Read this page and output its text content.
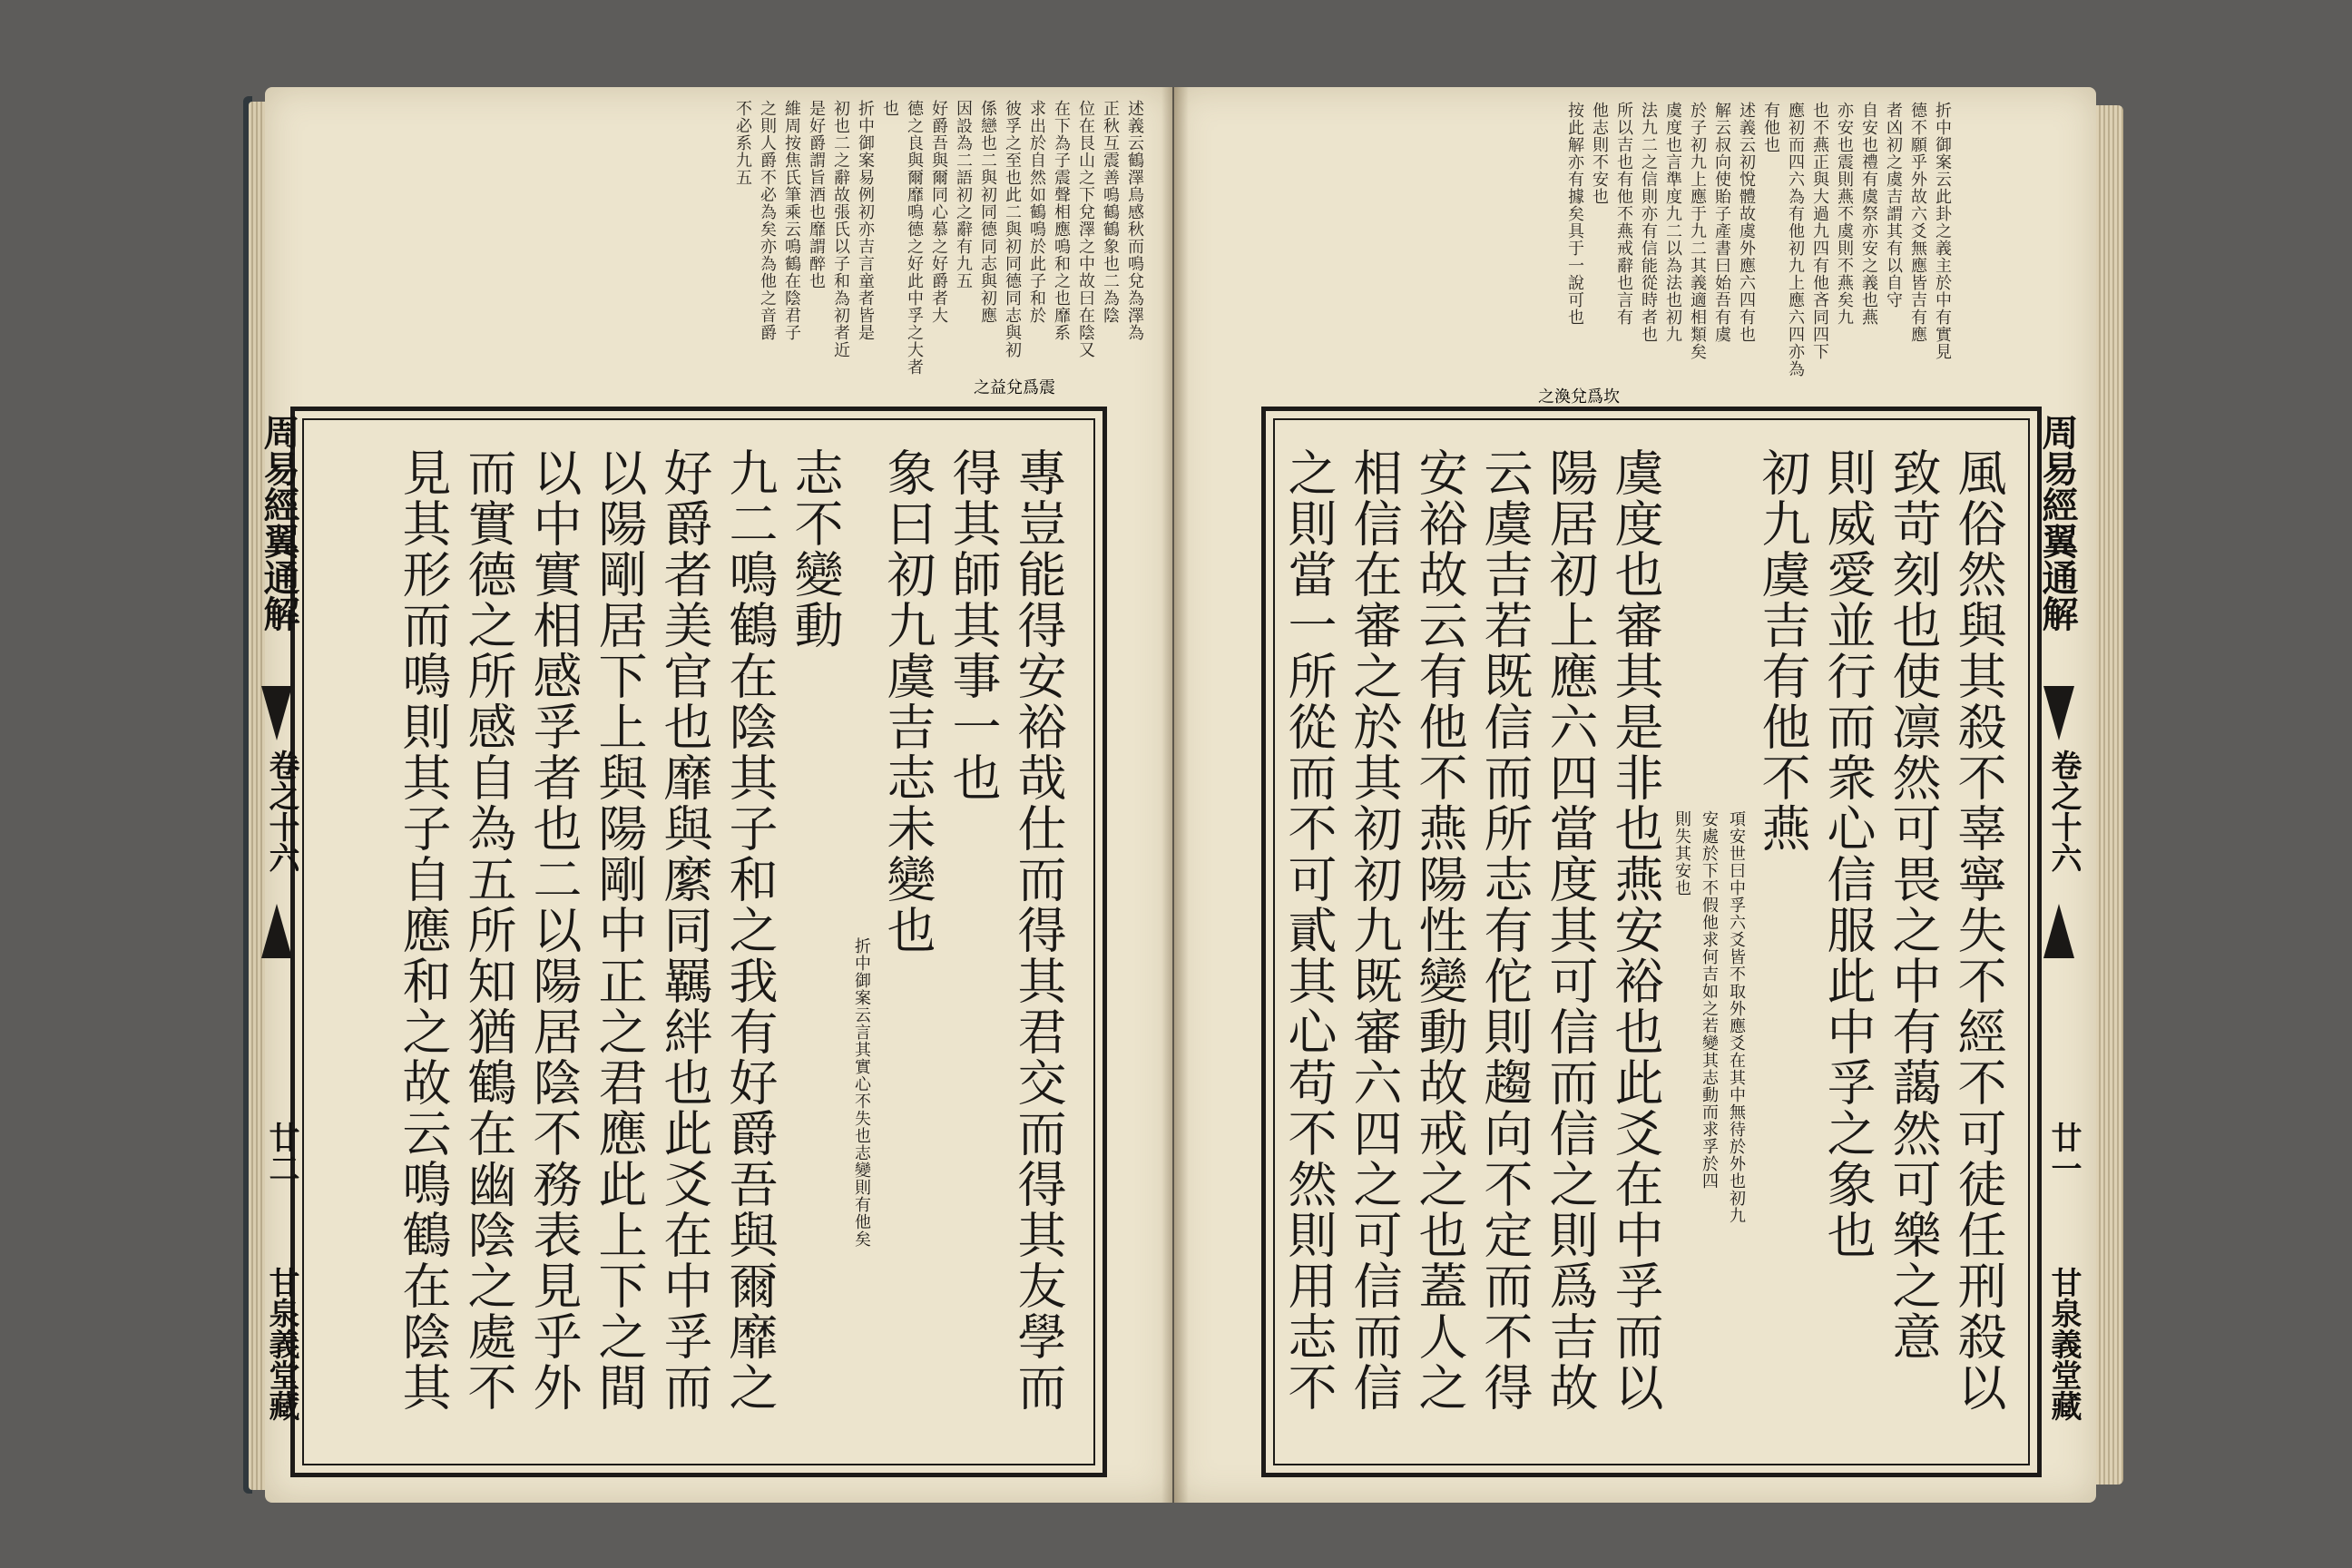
述義云鶴澤鳥感秋而鳴兌為澤為
正秋互震善鳴鶴鶴象也二為陰
位在艮山之下兌澤之中故曰在陰又
在下為子震聲相應鳴和之也靡系
求出於自然如鶴鳴於此子和於
彼孚之至也此二與初同德同志與初
係戀也二與初同德同志與初應
因設為二語初之辭有九五
好爵吾與爾同心慕之好爵者大
德之良與爾靡鳴德之好此中孚之大者
也
折中御案易例初亦吉言童者皆是
初也二之辭故張氏以子和為初者近
是好爵謂旨酒也靡謂醉也
維周按焦氏筆乘云鳴鶴在陰君子
之則人爵不必為矣亦為他之音爵
不必系九五
專豈能得安裕哉仕而得其君交而得其友學而
得其師其事一也
象曰初九虞吉志未變也
折中御案云言其實心不失也志變則有他矣
志不變動
九二鳴鶴在陰其子和之我有好爵吾與爾靡之
好爵者美官也靡與縻同羈絆也此爻在中孚而
以陽剛居下上與陽剛中正之君應此上下之間
以中實相感孚者也二以陽居陰不務表見乎外
而實德之所感自為五所知猶鶴在幽陰之處不
見其形而鳴則其子自應和之故云鳴鶴在陰其
之益兌爲震
周易經翼通解
卷之十六
廿二
甘泉義堂藏
折中御案云此卦之義主於中有實見
德不願乎外故六爻無應皆吉有應
者凶初之虞吉謂其有以自守
自安也禮有虞祭亦安之義也燕
亦安也震則燕不虞則不燕矣九
也不燕正與大過九四有他吝同四下
應初而四六為有他初九上應六四亦為
有他也
述義云初悅體故虞外應六四有也
解云叔向使貽子產書曰始吾有虞
於子初九上應于九二其義適相類矣
虞度也言準度九二以為法也初九
法九二之信則亦有信能從時者也
所以吉也有他不燕戒辭也言有
他志則不安也
按此解亦有據矣具于一說可也
風俗然與其殺不辜寧失不經不可徒任刑殺以
致苛刻也使凛然可畏之中有藹然可樂之意
則威愛並行而衆心信服此中孚之象也
初九虞吉有他不燕
項安世曰中孚六爻皆不取外應爻在其中無待於外也初九
安處於下不假他求何吉如之若變其志動而求孚於四
則失其安也
虞度也審其是非也燕安裕也此爻在中孚而以
陽居初上應六四當度其可信而信之則爲吉故
云虞吉若既信而所志有佗則趨向不定而不得
安裕故云有他不燕陽性變動故戒之也蓋人之
相信在審之於其初初九既審六四之可信而信
之則當一所從而不可貳其心苟不然則用志不
之渙兌爲坎
周易經翼通解
卷之十六
廿一
甘泉義堂藏
